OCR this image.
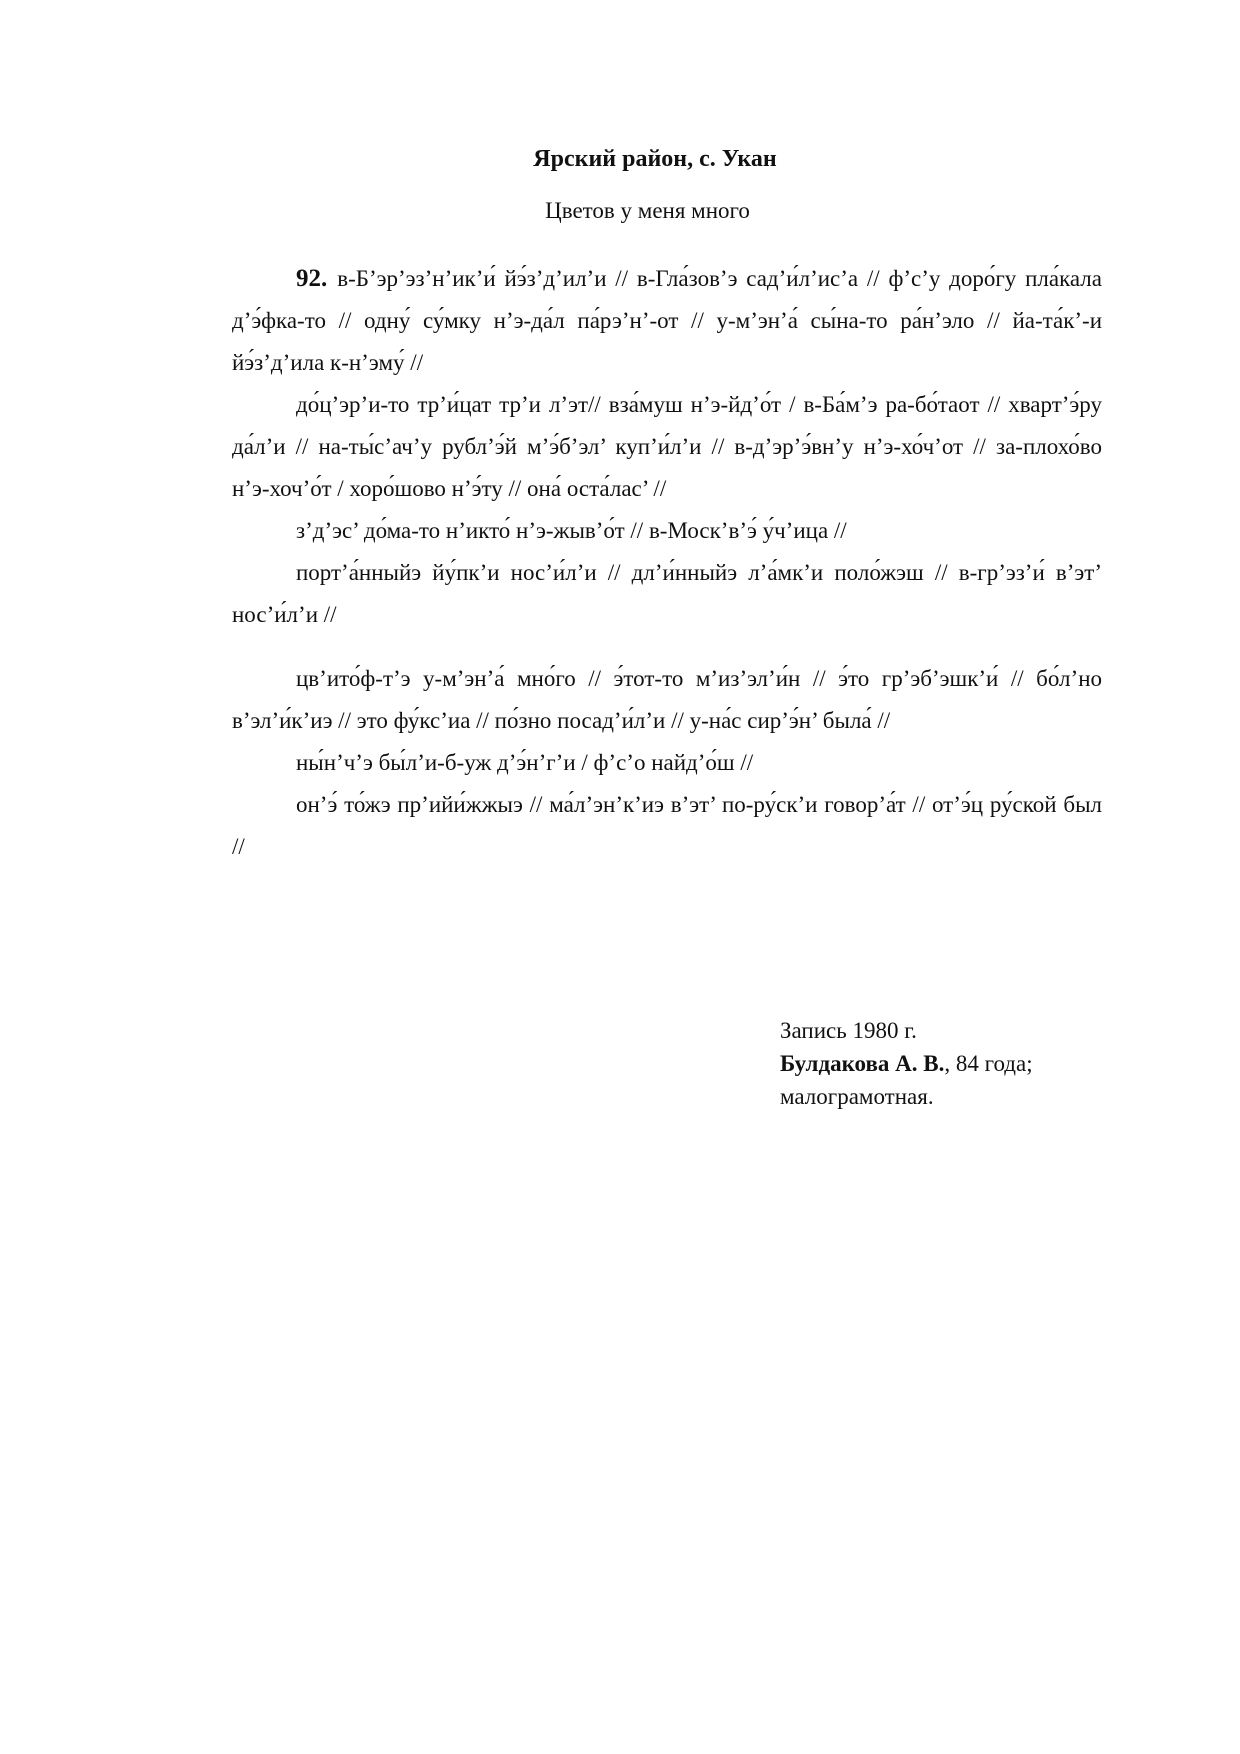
Ярский район, с. Укан
Цветов у меня много

92. в-Б’эр’эз’н’ик’и́ йэ́з’д’ил’и // в-Гла́зов’э сад’и́л’ис’а // ф’с’у доро́гу пла́кала д’э́фка-то // одну́ су́мку н’э-да́л па́рэ’н’-от // у-м’эн’а́ сы́на-то ра́н’эло // йа-та́к’-и йэ́з’д’ила к-н’эму́ //

до́ц’эр’и-то тр’и́цат тр’и л’эт// вза́муш н’э-йд’о́т / в-Ба́м’э ра-бо́таот // хварт’э́ру да́л’и // на-ты́с’ач’у рубл’э́й м’э́б’эл’ куп’и́л’и // в-д’эр’э́вн’у н’э-хо́ч’от // за-плохо́во н’э-хоч’о́т / хоро́шово н’э́ту // она́ оста́лас’ //

з’д’эс’ до́ма-то н’икто́ н’э-жыв’о́т // в-Моск’в’э́ у́ч’ица //

порт’а́нныйэ йу́пк’и нос’и́л’и // дл’и́нныйэ л’а́мк’и поло́жэш // в-гр’эз’и́ в’эт’ нос’и́л’и //

цв’ито́ф-т’э у-м’эн’а́ мно́го // э́тот-то м’из’эл’и́н // э́то гр’эб’эшк’и́ // бо́л’но в’эл’и́к’иэ // это фу́кс’иа // по́зно посад’и́л’и // у-на́с сир’э́н’ была́ //

ны́н’ч’э бы́л’и-б-уж д’э́н’г’и / ф’с’о найд’о́ш //

он’э́ то́жэ пр’ийи́жжыэ // ма́л’эн’к’иэ в’эт’ по-ру́ск’и говор’а́т // от’э́ц ру́ской был //

Запись 1980 г.
Булдакова А. В., 84 года;
малограмотная.
